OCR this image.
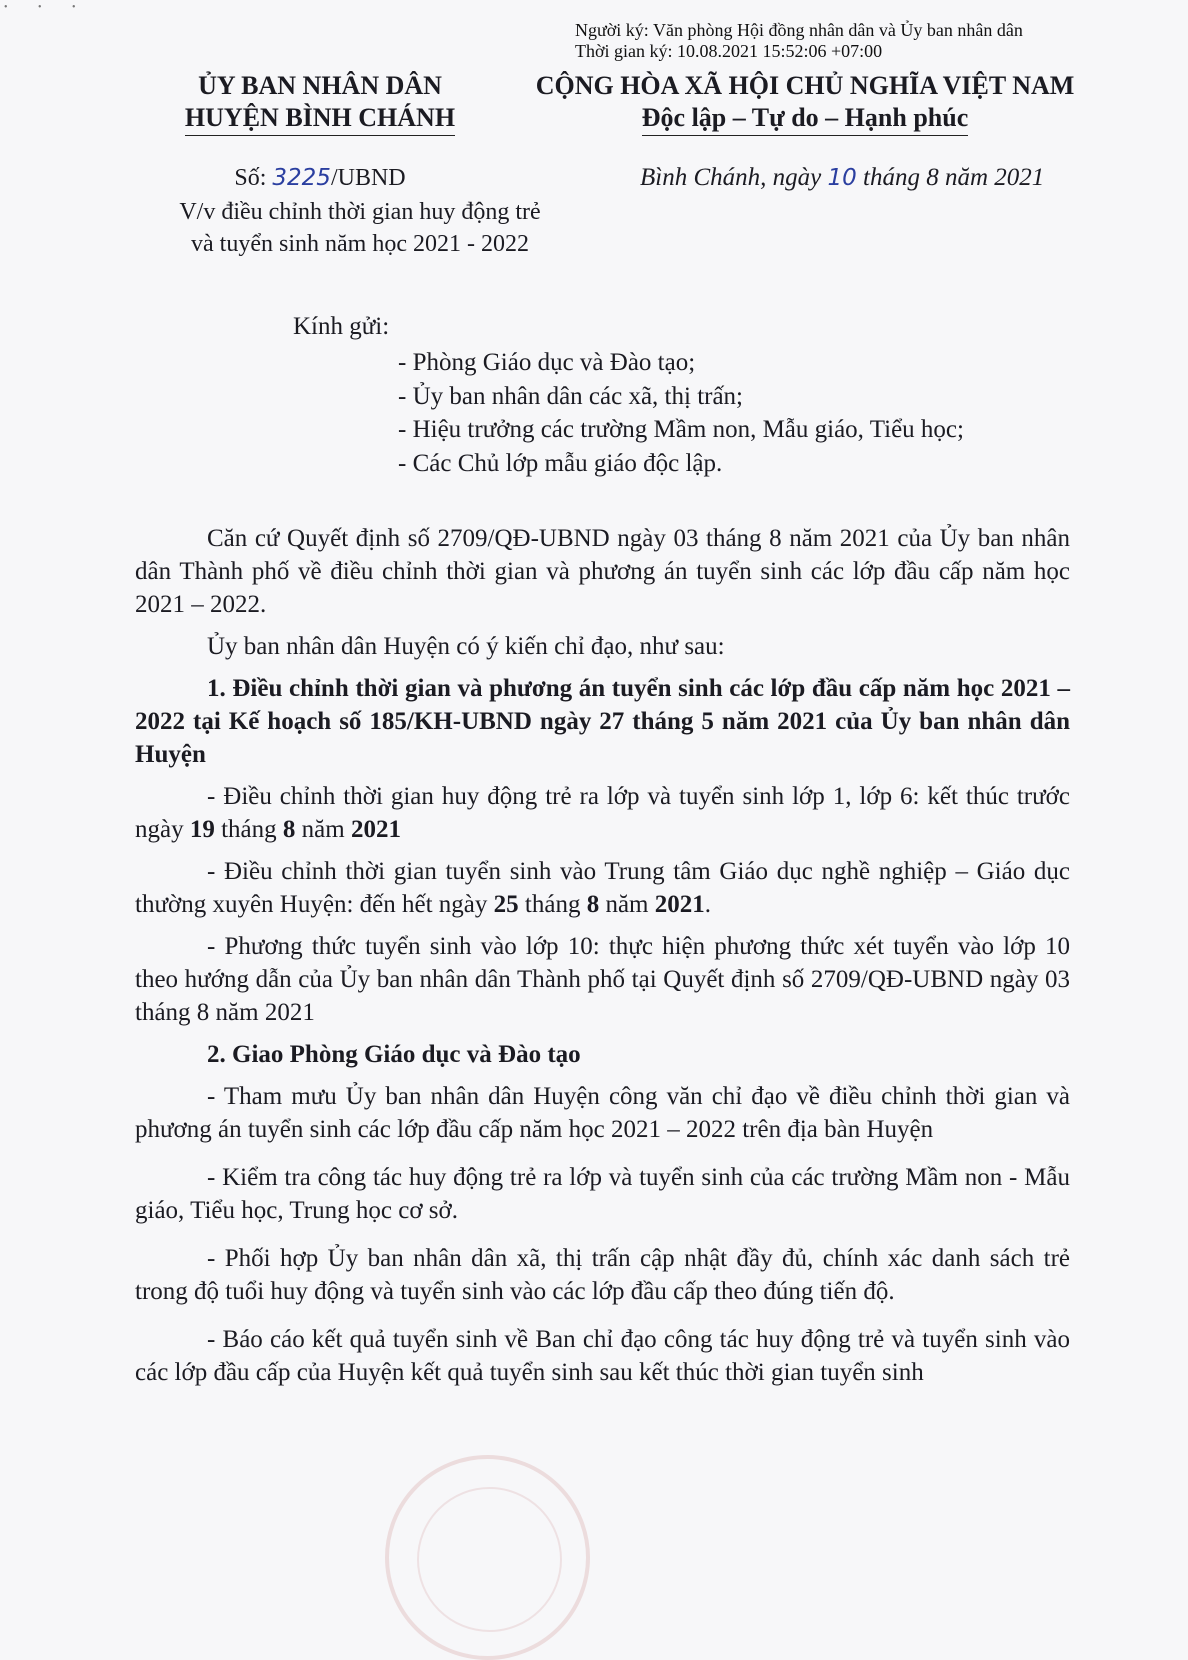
• • •
Người ký: Văn phòng Hội đồng nhân dân và Ủy ban nhân dân
Thời gian ký: 10.08.2021 15:52:06 +07:00
ỦY BAN NHÂN DÂN
HUYỆN BÌNH CHÁNH
CỘNG HÒA XÃ HỘI CHỦ NGHĨA VIỆT NAM
Độc lập – Tự do – Hạnh phúc
Số: 3225/UBND
V/v điều chỉnh thời gian huy động trẻ
và tuyển sinh năm học 2021 - 2022
Bình Chánh, ngày 10 tháng 8 năm 2021
Kính gửi:
- Phòng Giáo dục và Đào tạo;
- Ủy ban nhân dân các xã, thị trấn;
- Hiệu trưởng các trường Mầm non, Mẫu giáo, Tiểu học;
- Các Chủ lớp mẫu giáo độc lập.

Căn cứ Quyết định số 2709/QĐ-UBND ngày 03 tháng 8 năm 2021 của Ủy ban nhân dân Thành phố về điều chỉnh thời gian và phương án tuyển sinh các lớp đầu cấp năm học 2021 – 2022.

Ủy ban nhân dân Huyện có ý kiến chỉ đạo, như sau:

1. Điều chỉnh thời gian và phương án tuyển sinh các lớp đầu cấp năm học 2021 – 2022 tại Kế hoạch số 185/KH-UBND ngày 27 tháng 5 năm 2021 của Ủy ban nhân dân Huyện

- Điều chỉnh thời gian huy động trẻ ra lớp và tuyển sinh lớp 1, lớp 6: kết thúc trước ngày 19 tháng 8 năm 2021

- Điều chỉnh thời gian tuyển sinh vào Trung tâm Giáo dục nghề nghiệp – Giáo dục thường xuyên Huyện: đến hết ngày 25 tháng 8 năm 2021.

- Phương thức tuyển sinh vào lớp 10: thực hiện phương thức xét tuyển vào lớp 10 theo hướng dẫn của Ủy ban nhân dân Thành phố tại Quyết định số 2709/QĐ-UBND ngày 03 tháng 8 năm 2021

2. Giao Phòng Giáo dục và Đào tạo

- Tham mưu Ủy ban nhân dân Huyện công văn chỉ đạo về điều chỉnh thời gian và phương án tuyển sinh các lớp đầu cấp năm học 2021 – 2022 trên địa bàn Huyện

- Kiểm tra công tác huy động trẻ ra lớp và tuyển sinh của các trường Mầm non - Mẫu giáo, Tiểu học, Trung học cơ sở.

- Phối hợp Ủy ban nhân dân xã, thị trấn cập nhật đầy đủ, chính xác danh sách trẻ trong độ tuổi huy động và tuyển sinh vào các lớp đầu cấp theo đúng tiến độ.

- Báo cáo kết quả tuyển sinh về Ban chỉ đạo công tác huy động trẻ và tuyển sinh vào các lớp đầu cấp của Huyện kết quả tuyển sinh sau kết thúc thời gian tuyển sinh
